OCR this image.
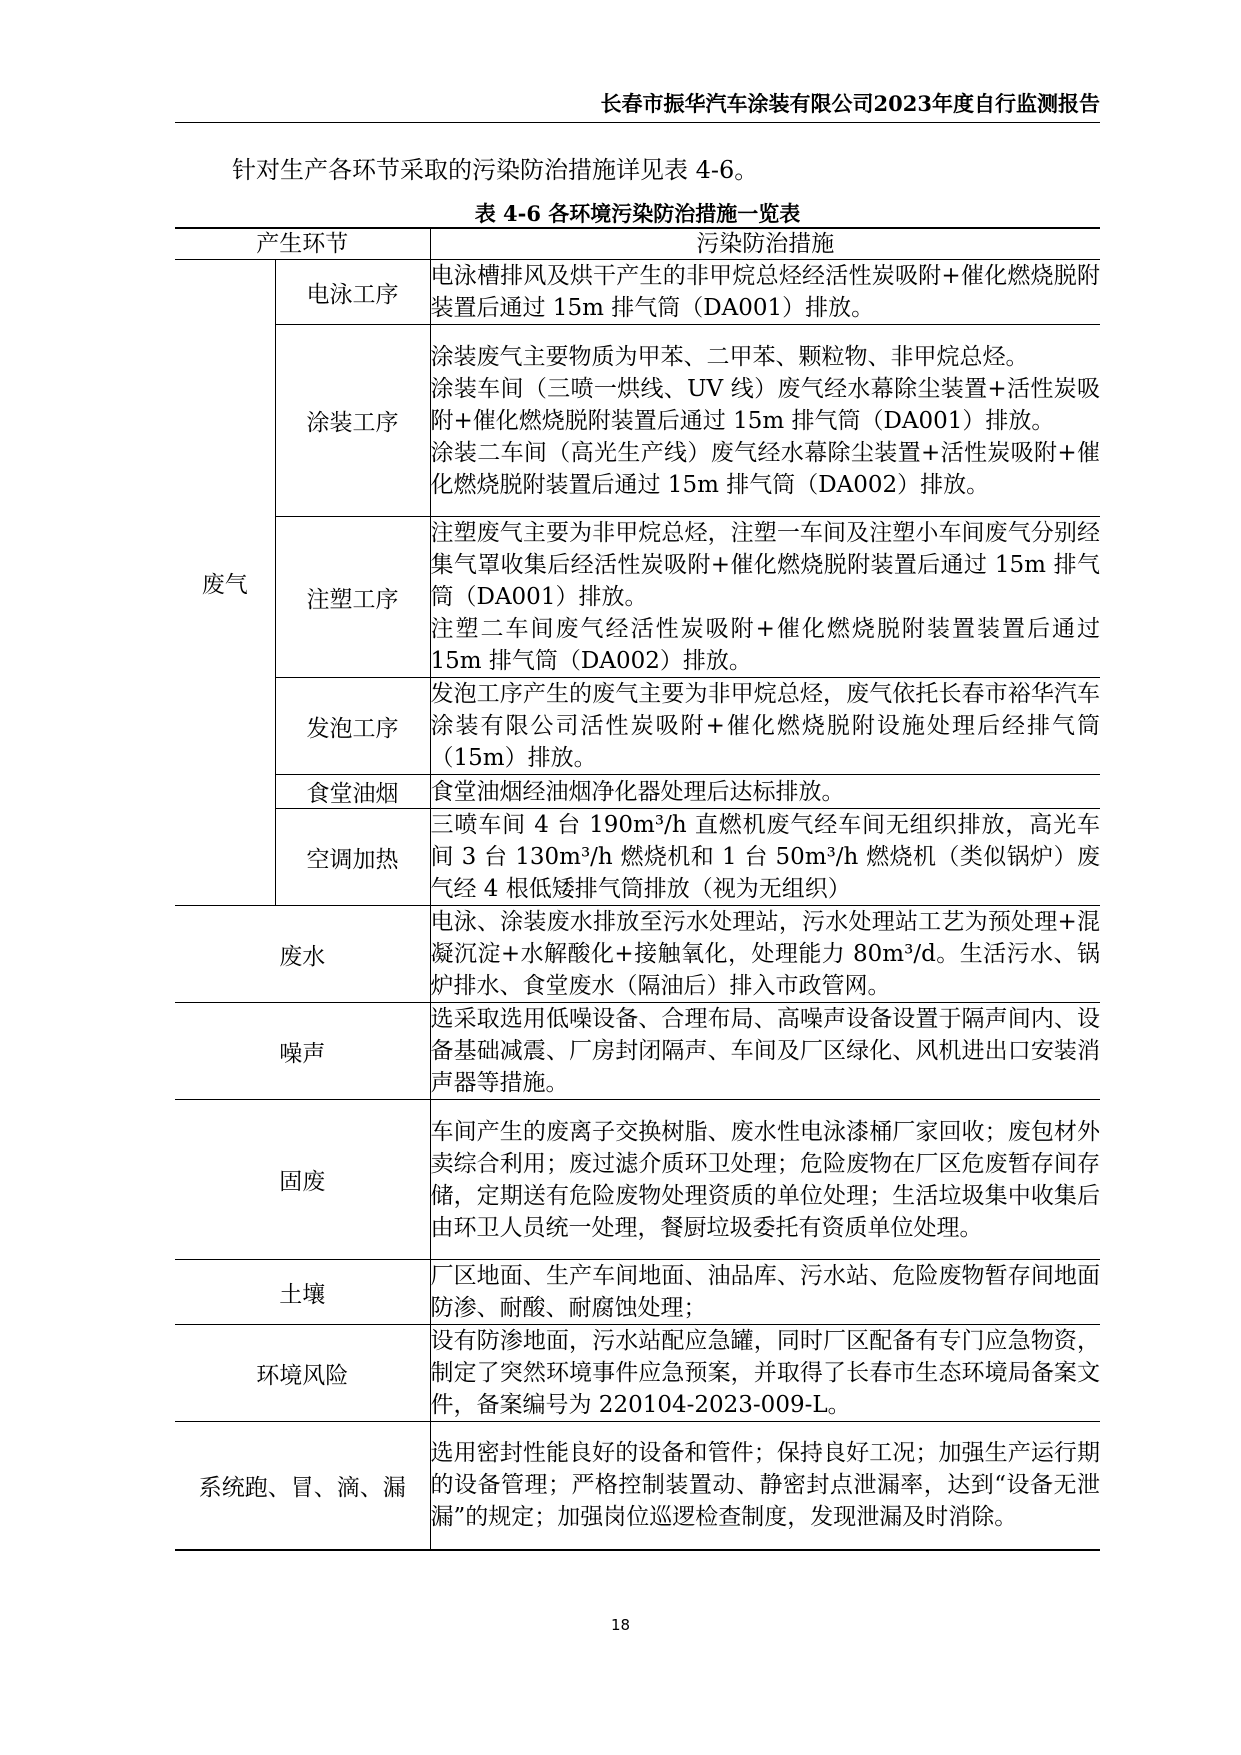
长春市振华汽车涂装有限公司2023年度自行监测报告
针对生产各环节采取的污染防治措施详见表 4-6。
表 4-6 各环境污染防治措施一览表
产生环节		污染防治措施
废气	电泳工序	电泳槽排风及烘干产生的非甲烷总烃经活性炭吸附+催化燃烧脱附装置后通过 15m 排气筒（DA001）排放。

	涂装工序	涂装废气主要物质为甲苯、二甲苯、颗粒物、非甲烷总烃。
涂装车间（三喷一烘线、UV 线）废气经水幕除尘装置+活性炭吸附+催化燃烧脱附装置后通过 15m 排气筒（DA001）排放。
涂装二车间（高光生产线）废气经水幕除尘装置+活性炭吸附+催化燃烧脱附装置后通过 15m 排气筒（DA002）排放。

	注塑工序	注塑废气主要为非甲烷总烃，注塑一车间及注塑小车间废气分别经集气罩收集后经活性炭吸附+催化燃烧脱附装置后通过 15m 排气筒（DA001）排放。
注塑二车间废气经活性炭吸附+催化燃烧脱附装置装置后通过 15m 排气筒（DA002）排放。

	发泡工序	发泡工序产生的废气主要为非甲烷总烃，废气依托长春市裕华汽车涂装有限公司活性炭吸附+催化燃烧脱附设施处理后经排气筒（15m）排放。

	食堂油烟	食堂油烟经油烟净化器处理后达标排放。

	空调加热	三喷车间 4 台 190m³/h 直燃机废气经车间无组织排放，高光车间 3 台 130m³/h 燃烧机和 1 台 50m³/h 燃烧机（类似锅炉）废气经 4 根低矮排气筒排放（视为无组织）

废水		电泳、涂装废水排放至污水处理站，污水处理站工艺为预处理+混凝沉淀+水解酸化+接触氧化，处理能力 80m³/d。生活污水、锅炉排水、食堂废水（隔油后）排入市政管网。
噪声		选采取选用低噪设备、合理布局、高噪声设备设置于隔声间内、设备基础减震、厂房封闭隔声、车间及厂区绿化、风机进出口安装消声器等措施。
固废		车间产生的废离子交换树脂、废水性电泳漆桶厂家回收；废包材外卖综合利用；废过滤介质环卫处理；危险废物在厂区危废暂存间存储，定期送有危险废物处理资质的单位处理；生活垃圾集中收集后由环卫人员统一处理，餐厨垃圾委托有资质单位处理。
土壤		厂区地面、生产车间地面、油品库、污水站、危险废物暂存间地面防渗、耐酸、耐腐蚀处理；
环境风险		设有防渗地面，污水站配应急罐，同时厂区配备有专门应急物资，制定了突然环境事件应急预案，并取得了长春市生态环境局备案文件，备案编号为 220104-2023-009-L。
系统跑、冒、滴、漏		选用密封性能良好的设备和管件；保持良好工况；加强生产运行期的设备管理；严格控制装置动、静密封点泄漏率，达到“设备无泄漏”的规定；加强岗位巡逻检查制度，发现泄漏及时消除。
18
